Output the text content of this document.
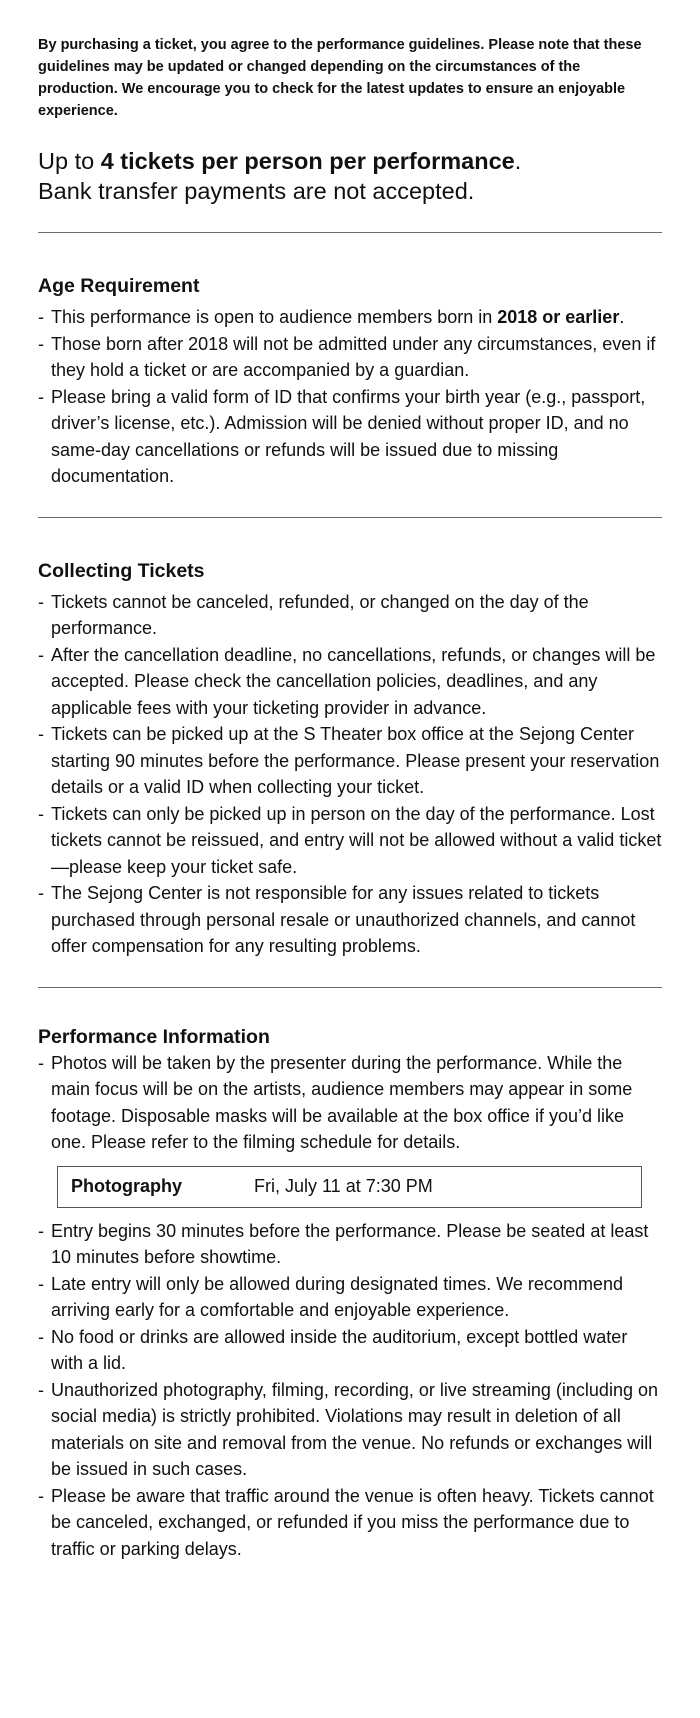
By purchasing a ticket, you agree to the performance guidelines. Please note that these guidelines may be updated or changed depending on the circumstances of the production. We encourage you to check for the latest updates to ensure an enjoyable experience.

Up to 4 tickets per person per performance.
Bank transfer payments are not accepted.

Age Requirement
- This performance is open to audience members born in 2018 or earlier.
- Those born after 2018 will not be admitted under any circumstances, even if they hold a ticket or are accompanied by a guardian.
- Please bring a valid form of ID that confirms your birth year (e.g., passport, driver’s license, etc.). Admission will be denied without proper ID, and no same-day cancellations or refunds will be issued due to missing documentation.
Collecting Tickets
- Tickets cannot be canceled, refunded, or changed on the day of the performance.
- After the cancellation deadline, no cancellations, refunds, or changes will be accepted. Please check the cancellation policies, deadlines, and any applicable fees with your ticketing provider in advance.
- Tickets can be picked up at the S Theater box office at the Sejong Center starting 90 minutes before the performance. Please present your reservation details or a valid ID when collecting your ticket.
- Tickets can only be picked up in person on the day of the performance. Lost tickets cannot be reissued, and entry will not be allowed without a valid ticket—please keep your ticket safe.
- The Sejong Center is not responsible for any issues related to tickets purchased through personal resale or unauthorized channels, and cannot offer compensation for any resulting problems.
Performance Information
- Photos will be taken by the presenter during the performance. While the main focus will be on the artists, audience members may appear in some footage. Disposable masks will be available at the box office if you’d like one. Please refer to the filming schedule for details.
Photography	Fri, July 11 at 7:30 PM
- Entry begins 30 minutes before the performance. Please be seated at least 10 minutes before showtime.
- Late entry will only be allowed during designated times. We recommend arriving early for a comfortable and enjoyable experience.
- No food or drinks are allowed inside the auditorium, except bottled water with a lid.
- Unauthorized photography, filming, recording, or live streaming (including on social media) is strictly prohibited. Violations may result in deletion of all materials on site and removal from the venue. No refunds or exchanges will be issued in such cases.
- Please be aware that traffic around the venue is often heavy. Tickets cannot be canceled, exchanged, or refunded if you miss the performance due to traffic or parking delays.
